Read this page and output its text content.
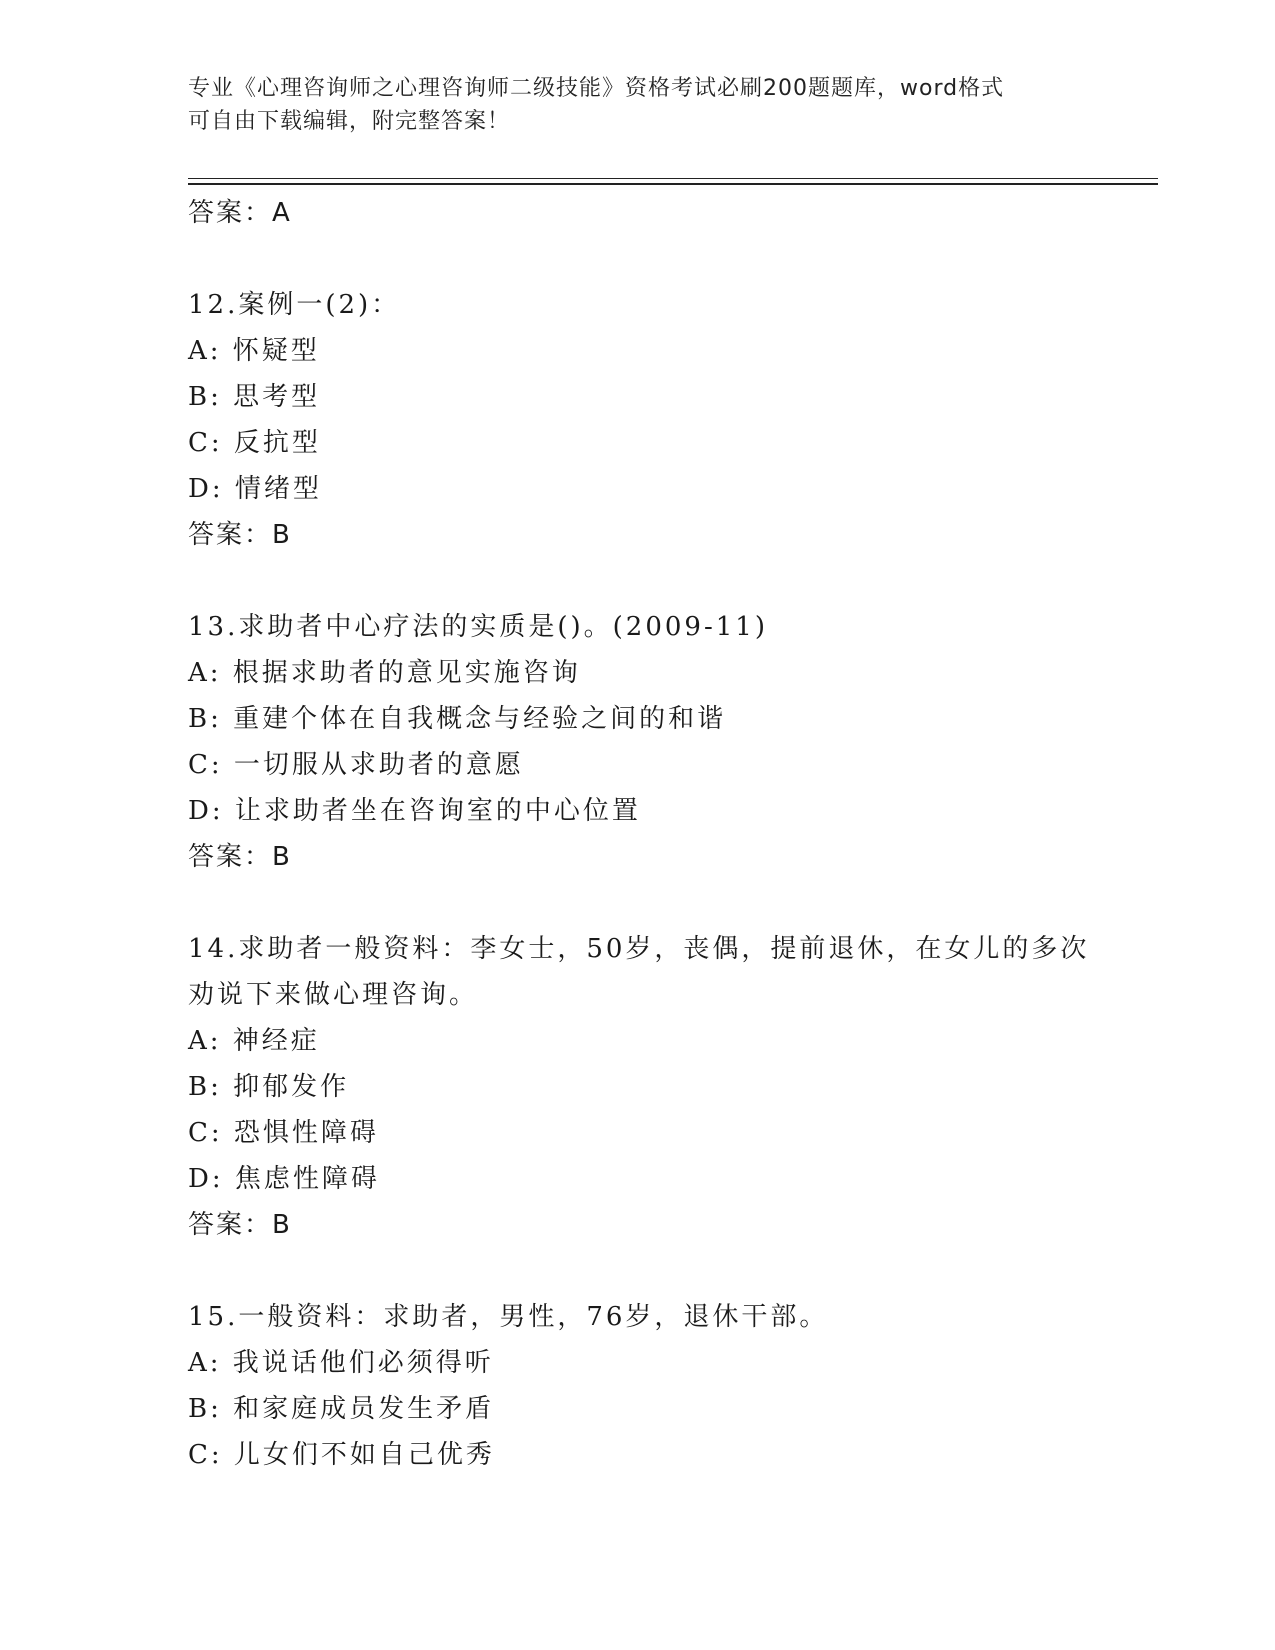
专业《心理咨询师之心理咨询师二级技能》资格考试必刷200题题库，word格式
可自由下载编辑，附完整答案！
答案：A
12.案例一(2)：
A: 怀疑型
B: 思考型
C: 反抗型
D: 情绪型
答案：B
13.求助者中心疗法的实质是()。(2009-11)
A: 根据求助者的意见实施咨询
B: 重建个体在自我概念与经验之间的和谐
C: 一切服从求助者的意愿
D: 让求助者坐在咨询室的中心位置
答案：B
14.求助者一般资料：李女士，50岁，丧偶，提前退休，在女儿的多次
劝说下来做心理咨询。
A: 神经症
B: 抑郁发作
C: 恐惧性障碍
D: 焦虑性障碍
答案：B
15.一般资料：求助者，男性，76岁，退休干部。
A: 我说话他们必须得听
B: 和家庭成员发生矛盾
C: 儿女们不如自己优秀
